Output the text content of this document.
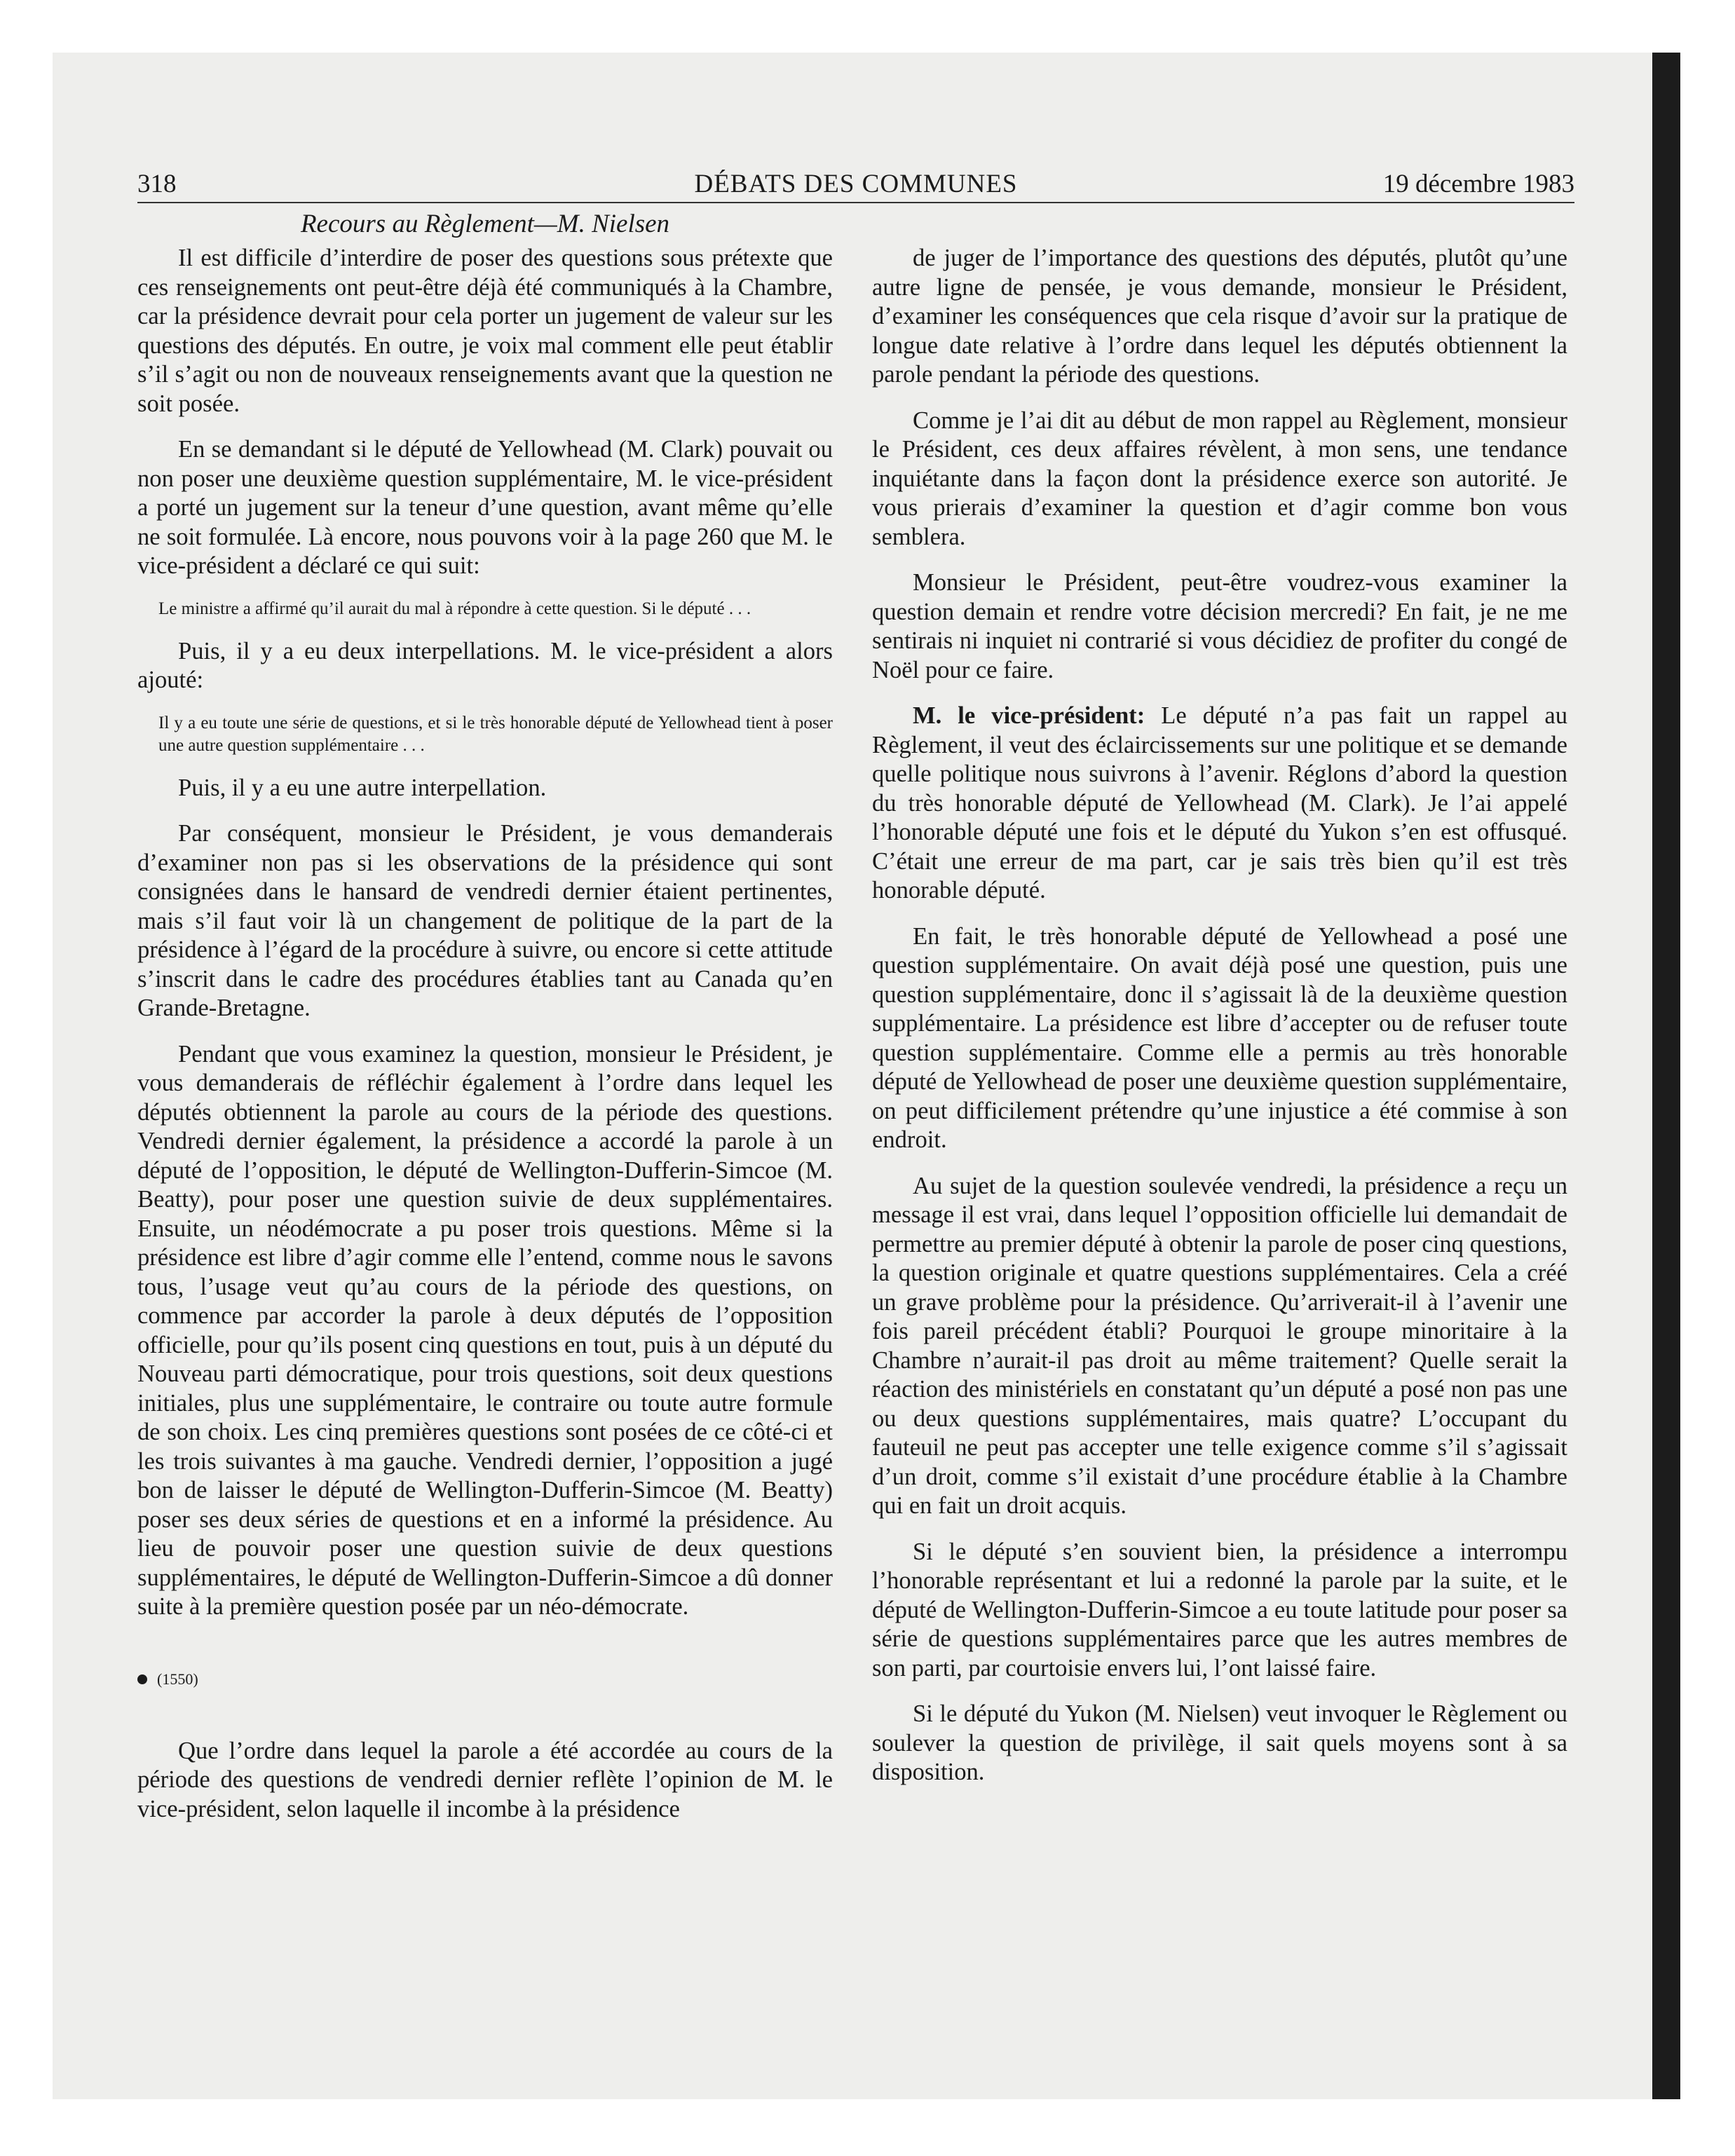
318	DÉBATS DES COMMUNES	19 décembre 1983
Recours au Règlement—M. Nielsen

Il est difficile d’interdire de poser des questions sous prétexte que ces renseignements ont peut-être déjà été communiqués à la Chambre, car la présidence devrait pour cela porter un jugement de valeur sur les questions des députés. En outre, je voix mal comment elle peut établir s’il s’agit ou non de nouveaux renseignements avant que la question ne soit posée.

En se demandant si le député de Yellowhead (M. Clark) pouvait ou non poser une deuxième question supplémentaire, M. le vice-président a porté un jugement sur la teneur d’une question, avant même qu’elle ne soit formulée. Là encore, nous pouvons voir à la page 260 que M. le vice-président a déclaré ce qui suit:

Le ministre a affirmé qu’il aurait du mal à répondre à cette question. Si le député . . .

Puis, il y a eu deux interpellations. M. le vice-président a alors ajouté:

Il y a eu toute une série de questions, et si le très honorable député de Yellowhead tient à poser une autre question supplémentaire . . .

Puis, il y a eu une autre interpellation.

Par conséquent, monsieur le Président, je vous demanderais d’examiner non pas si les observations de la présidence qui sont consignées dans le hansard de vendredi dernier étaient pertinentes, mais s’il faut voir là un changement de politique de la part de la présidence à l’égard de la procédure à suivre, ou encore si cette attitude s’inscrit dans le cadre des procédures établies tant au Canada qu’en Grande-Bretagne.

Pendant que vous examinez la question, monsieur le Président, je vous demanderais de réfléchir également à l’ordre dans lequel les députés obtiennent la parole au cours de la période des questions. Vendredi dernier également, la présidence a accordé la parole à un député de l’opposition, le député de Wellington-Dufferin-Simcoe (M. Beatty), pour poser une question suivie de deux supplémentaires. Ensuite, un néodémocrate a pu poser trois questions. Même si la présidence est libre d’agir comme elle l’entend, comme nous le savons tous, l’usage veut qu’au cours de la période des questions, on commence par accorder la parole à deux députés de l’opposition officielle, pour qu’ils posent cinq questions en tout, puis à un député du Nouveau parti démocratique, pour trois questions, soit deux questions initiales, plus une supplémentaire, le contraire ou toute autre formule de son choix. Les cinq premières questions sont posées de ce côté-ci et les trois suivantes à ma gauche. Vendredi dernier, l’opposition a jugé bon de laisser le député de Wellington-Dufferin-Simcoe (M. Beatty) poser ses deux séries de questions et en a informé la présidence. Au lieu de pouvoir poser une question suivie de deux questions supplémentaires, le député de Wellington-Dufferin-Simcoe a dû donner suite à la première question posée par un néo-démocrate.

(1550)

Que l’ordre dans lequel la parole a été accordée au cours de la période des questions de vendredi dernier reflète l’opinion de M. le vice-président, selon laquelle il incombe à la présidence

de juger de l’importance des questions des députés, plutôt qu’une autre ligne de pensée, je vous demande, monsieur le Président, d’examiner les conséquences que cela risque d’avoir sur la pratique de longue date relative à l’ordre dans lequel les députés obtiennent la parole pendant la période des questions.

Comme je l’ai dit au début de mon rappel au Règlement, monsieur le Président, ces deux affaires révèlent, à mon sens, une tendance inquiétante dans la façon dont la présidence exerce son autorité. Je vous prierais d’examiner la question et d’agir comme bon vous semblera.

Monsieur le Président, peut-être voudrez-vous examiner la question demain et rendre votre décision mercredi? En fait, je ne me sentirais ni inquiet ni contrarié si vous décidiez de profiter du congé de Noël pour ce faire.

M. le vice-président: Le député n’a pas fait un rappel au Règlement, il veut des éclaircissements sur une politique et se demande quelle politique nous suivrons à l’avenir. Réglons d’abord la question du très honorable député de Yellowhead (M. Clark). Je l’ai appelé l’honorable député une fois et le député du Yukon s’en est offusqué. C’était une erreur de ma part, car je sais très bien qu’il est très honorable député.

En fait, le très honorable député de Yellowhead a posé une question supplémentaire. On avait déjà posé une question, puis une question supplémentaire, donc il s’agissait là de la deuxième question supplémentaire. La présidence est libre d’accepter ou de refuser toute question supplémentaire. Comme elle a permis au très honorable député de Yellowhead de poser une deuxième question supplémentaire, on peut difficilement prétendre qu’une injustice a été commise à son endroit.

Au sujet de la question soulevée vendredi, la présidence a reçu un message il est vrai, dans lequel l’opposition officielle lui demandait de permettre au premier député à obtenir la parole de poser cinq questions, la question originale et quatre questions supplémentaires. Cela a créé un grave problème pour la présidence. Qu’arriverait-il à l’avenir une fois pareil précédent établi? Pourquoi le groupe minoritaire à la Chambre n’aurait-il pas droit au même traitement? Quelle serait la réaction des ministériels en constatant qu’un député a posé non pas une ou deux questions supplémentaires, mais quatre? L’occupant du fauteuil ne peut pas accepter une telle exigence comme s’il s’agissait d’un droit, comme s’il existait d’une procédure établie à la Chambre qui en fait un droit acquis.

Si le député s’en souvient bien, la présidence a interrompu l’honorable représentant et lui a redonné la parole par la suite, et le député de Wellington-Dufferin-Simcoe a eu toute latitude pour poser sa série de questions supplémentaires parce que les autres membres de son parti, par courtoisie envers lui, l’ont laissé faire.

Si le député du Yukon (M. Nielsen) veut invoquer le Règlement ou soulever la question de privilège, il sait quels moyens sont à sa disposition.
